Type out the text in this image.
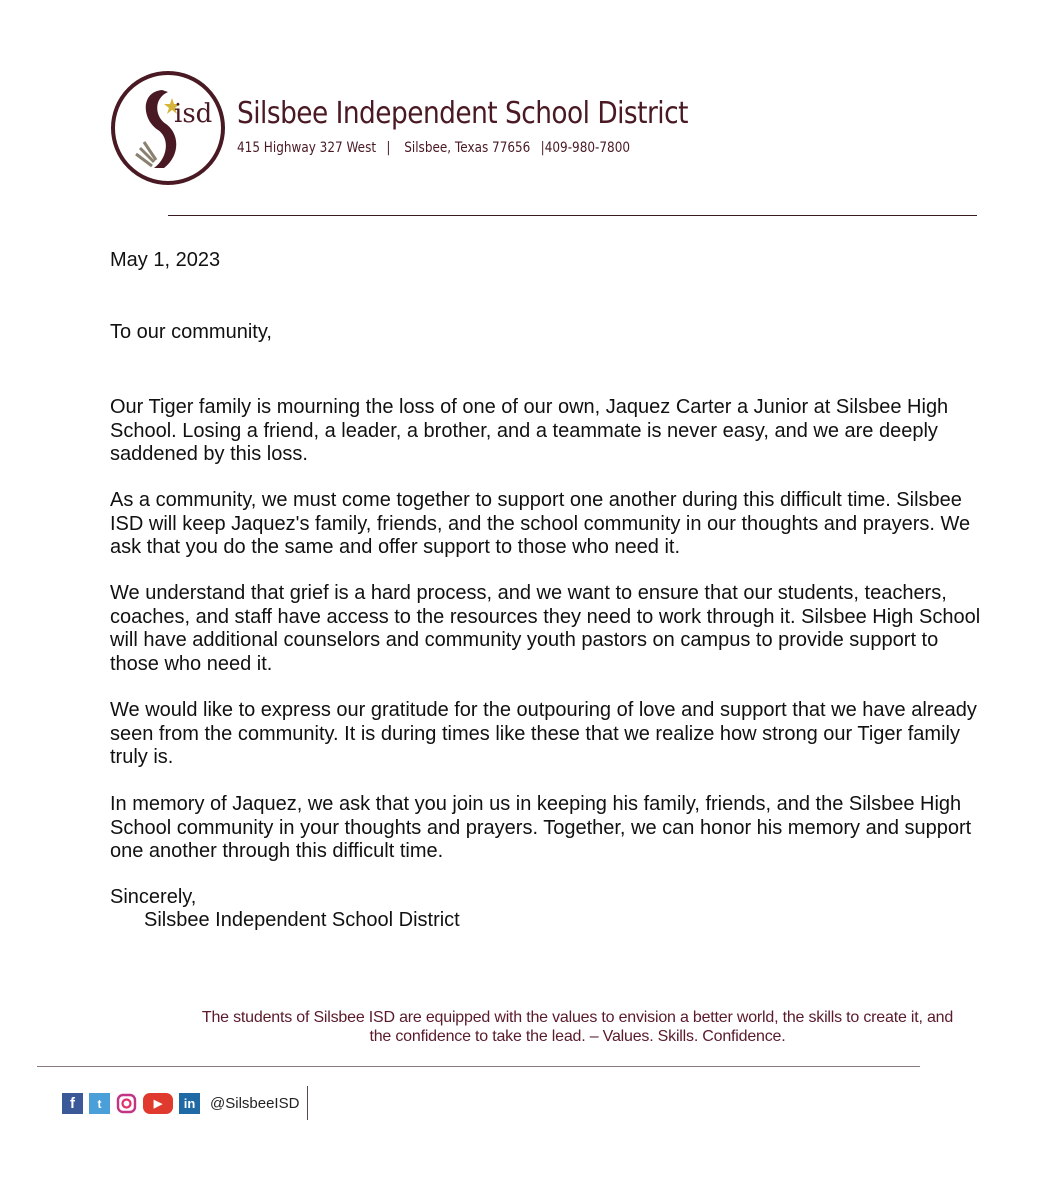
isd Silsbee Independent School District
415 Highway 327 West | Silsbee, Texas 77656 |409-980-7800
May 1, 2023
To our community,
Our Tiger family is mourning the loss of one of our own, Jaquez Carter a Junior at Silsbee High School. Losing a friend, a leader, a brother, and a teammate is never easy, and we are deeply saddened by this loss.
As a community, we must come together to support one another during this difficult time. Silsbee ISD will keep Jaquez's family, friends, and the school community in our thoughts and prayers. We ask that you do the same and offer support to those who need it.
We understand that grief is a hard process, and we want to ensure that our students, teachers, coaches, and staff have access to the resources they need to work through it. Silsbee High School will have additional counselors and community youth pastors on campus to provide support to those who need it.
We would like to express our gratitude for the outpouring of love and support that we have already seen from the community. It is during times like these that we realize how strong our Tiger family truly is.
In memory of Jaquez, we ask that you join us in keeping his family, friends, and the Silsbee High School community in your thoughts and prayers. Together, we can honor his memory and support one another through this difficult time.
Sincerely,
Silsbee Independent School District
The students of Silsbee ISD are equipped with the values to envision a better world, the skills to create it, and the confidence to take the lead. – Values. Skills. Confidence.
f	t	▶	in @SilsbeeISD
